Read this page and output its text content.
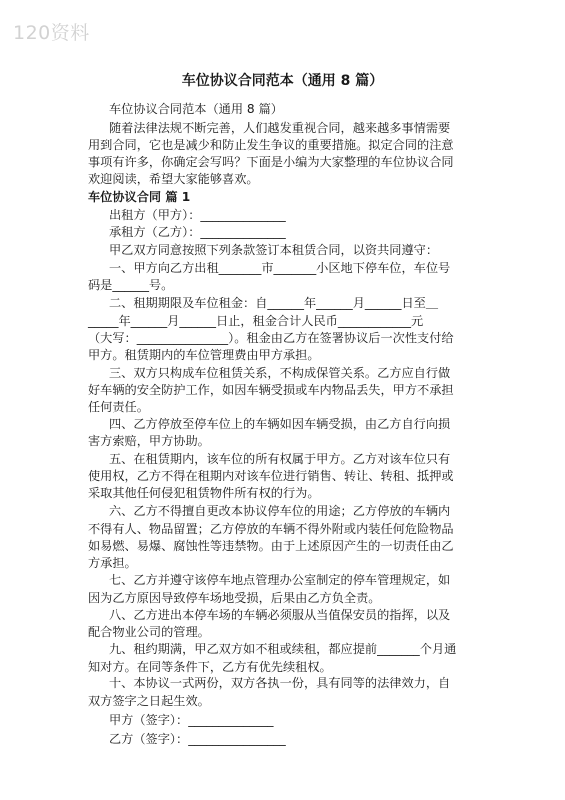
120资料
车位协议合同范本（通用 8 篇）
车位协议合同范本（通用 8 篇）
随着法律法规不断完善，人们越发重视合同，越来越多事情需要
用到合同，它也是减少和防止发生争议的重要措施。拟定合同的注意
事项有许多，你确定会写吗？下面是小编为大家整理的车位协议合同
欢迎阅读，希望大家能够喜欢。
车位协议合同 篇 1
出租方（甲方）：______________
承租方（乙方）：______________
甲乙双方同意按照下列条款签订本租赁合同，以资共同遵守：
一、甲方向乙方出租_______市_______小区地下停车位，车位号
码是______号。
二、租期期限及车位租金：自______年______月______日至＿
_____年______月______日止，租金合计人民币____________元
（大写：_______________）。租金由乙方在签署协议后一次性支付给
甲方。租赁期内的车位管理费由甲方承担。
三、双方只构成车位租赁关系，不构成保管关系。乙方应自行做
好车辆的安全防护工作，如因车辆受损或车内物品丢失，甲方不承担
任何责任。
四、乙方停放至停车位上的车辆如因车辆受损，由乙方自行向损
害方索赔，甲方协助。
五、在租赁期内，该车位的所有权属于甲方。乙方对该车位只有
使用权，乙方不得在租期内对该车位进行销售、转让、转租、抵押或
采取其他任何侵犯租赁物件所有权的行为。
六、乙方不得擅自更改本协议停车位的用途；乙方停放的车辆内
不得有人、物品留置；乙方停放的车辆不得外附或内装任何危险物品
如易燃、易爆、腐蚀性等违禁物。由于上述原因产生的一切责任由乙
方承担。
七、乙方并遵守该停车地点管理办公室制定的停车管理规定，如
因为乙方原因导致停车场地受损，后果由乙方负全责。
八、乙方进出本停车场的车辆必须服从当值保安员的指挥，以及
配合物业公司的管理。
九、租约期满，甲乙双方如不租或续租，都应提前_______个月通
知对方。在同等条件下，乙方有优先续租权。
十、本协议一式两份，双方各执一份，具有同等的法律效力，自
双方签字之日起生效。
甲方（签字）：______________
乙方（签字）：________________
